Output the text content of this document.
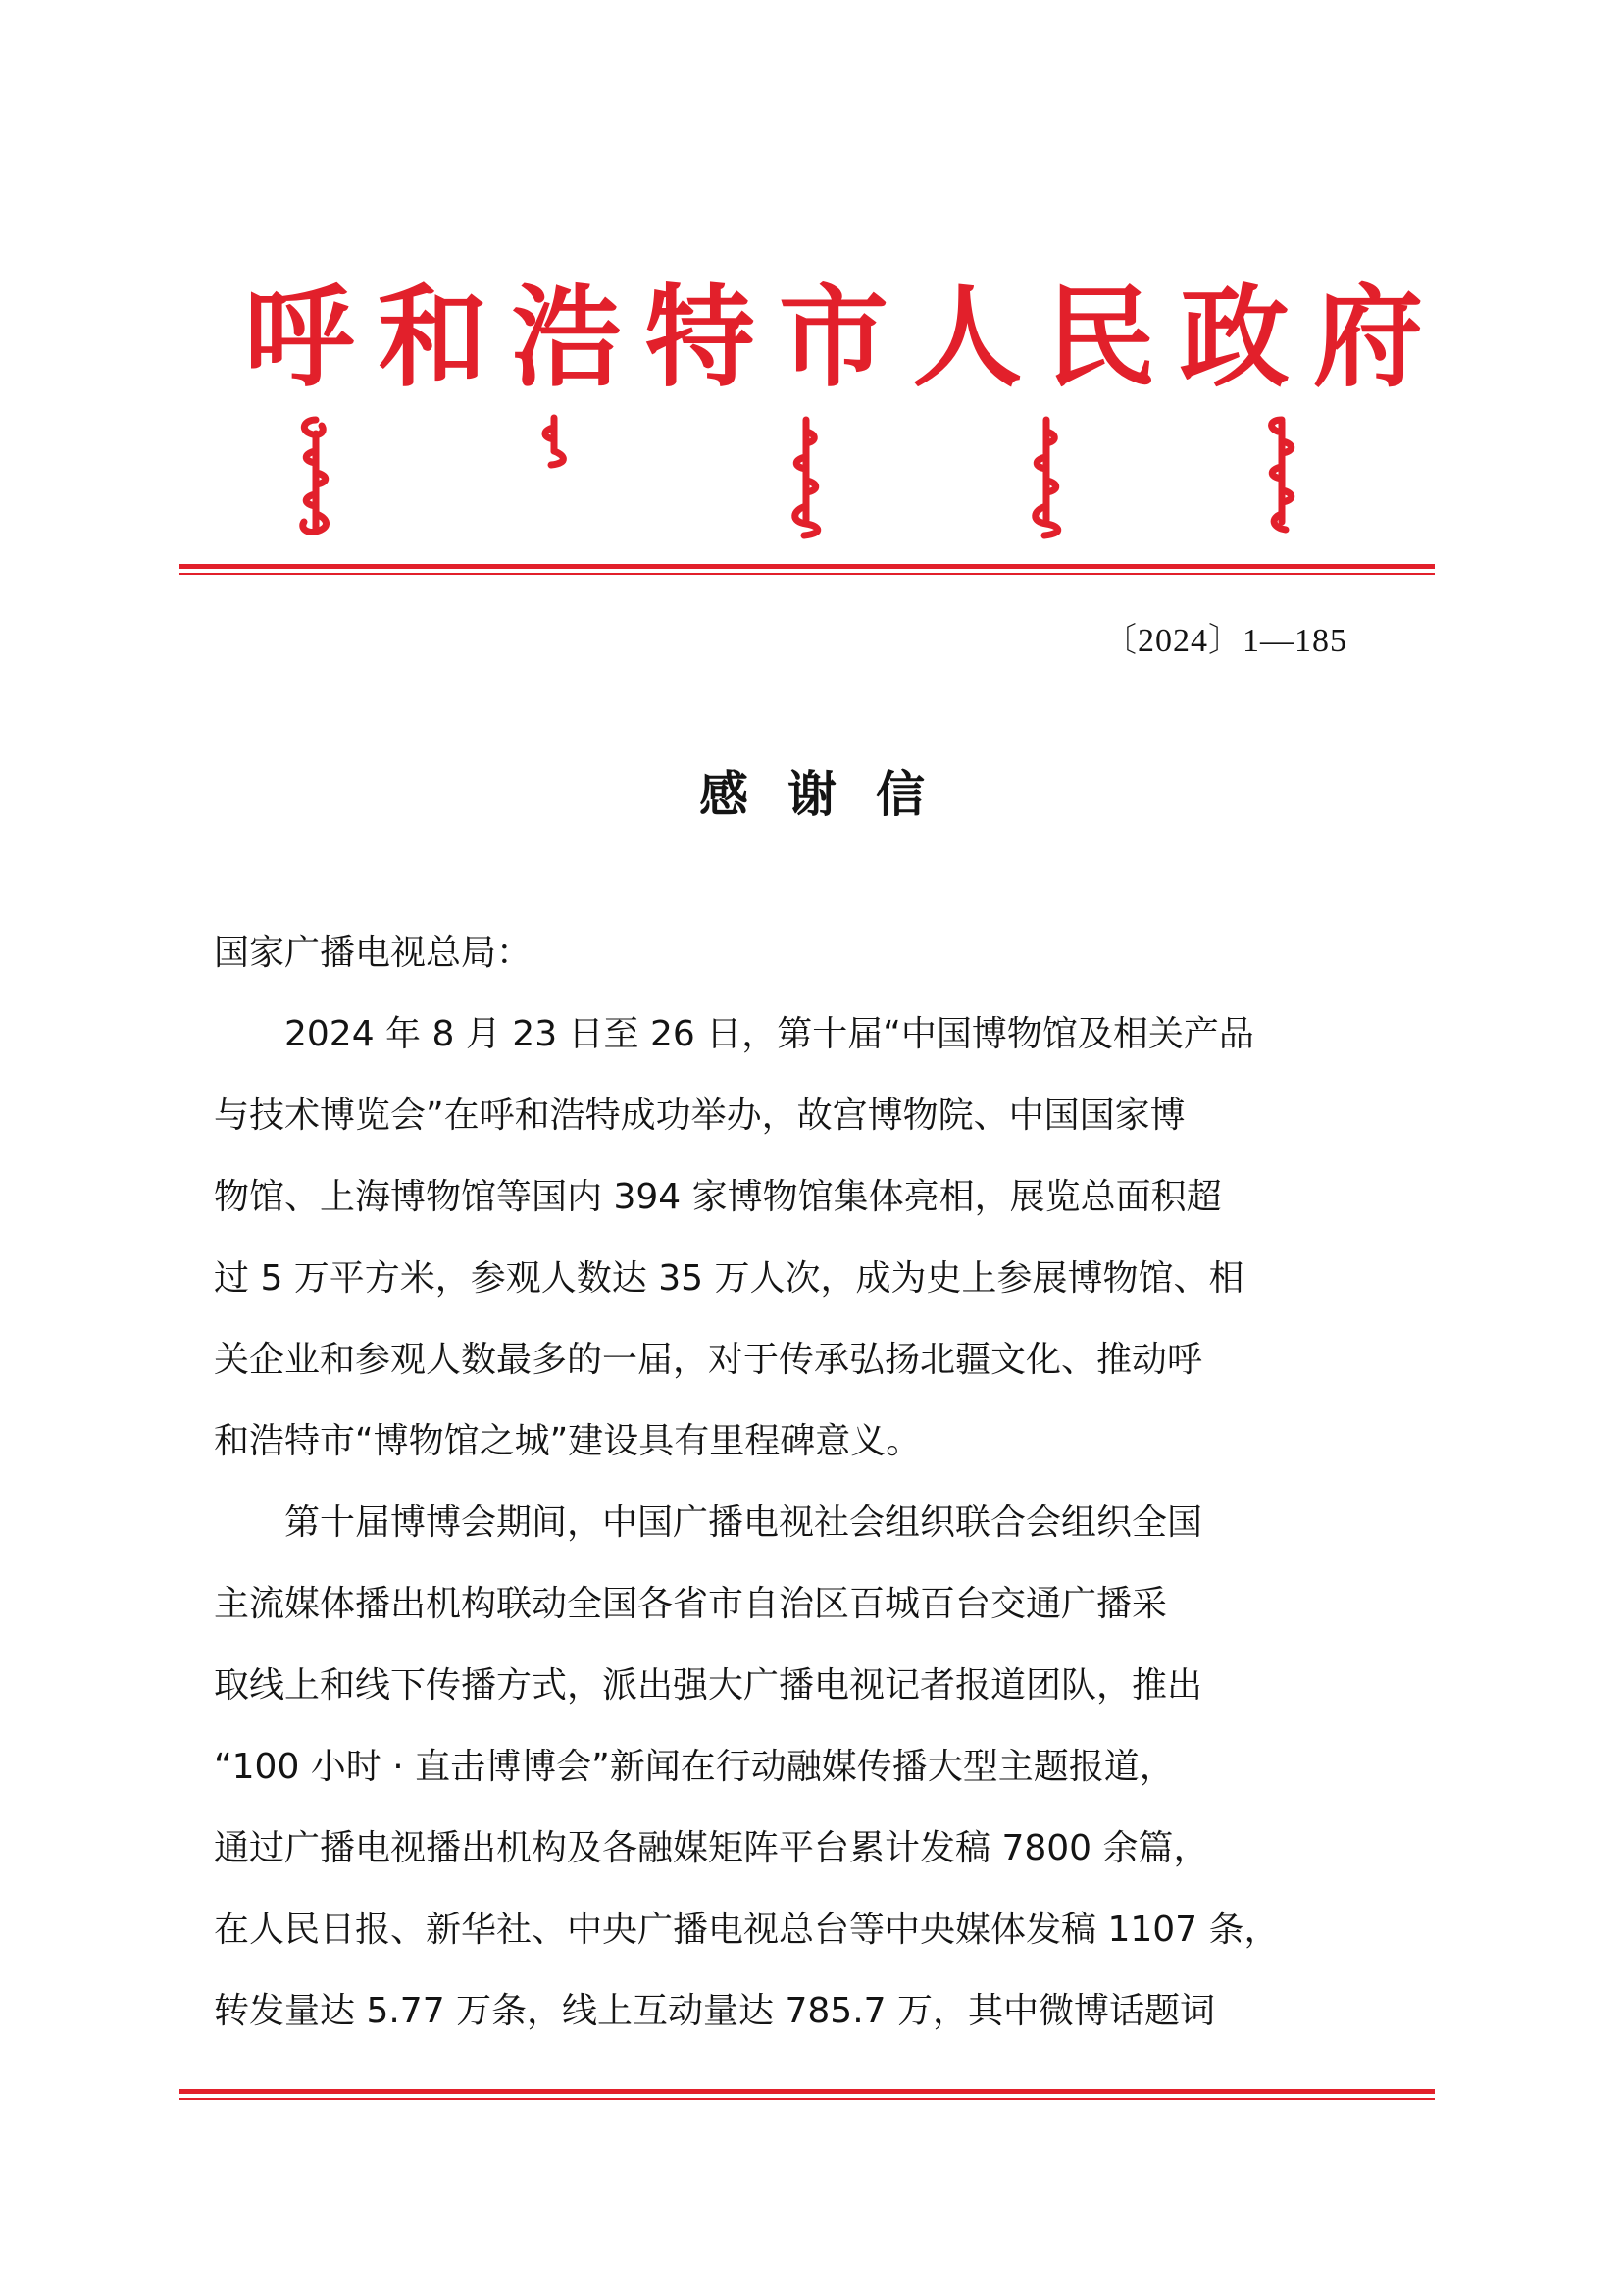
呼 和 浩 特 市 人 民 政 府
〔2024〕1—185
感谢信

国家广播电视总局：

2024 年 8 月 23 日至 26 日，第十届“中国博物馆及相关产品
与技术博览会”在呼和浩特成功举办，故宫博物院、中国国家博
物馆、上海博物馆等国内 394 家博物馆集体亮相，展览总面积超
过 5 万平方米，参观人数达 35 万人次，成为史上参展博物馆、相
关企业和参观人数最多的一届，对于传承弘扬北疆文化、推动呼
和浩特市“博物馆之城”建设具有里程碑意义。

第十届博博会期间，中国广播电视社会组织联合会组织全国
主流媒体播出机构联动全国各省市自治区百城百台交通广播采
取线上和线下传播方式，派出强大广播电视记者报道团队，推出
“100 小时 · 直击博博会”新闻在行动融媒传播大型主题报道，
通过广播电视播出机构及各融媒矩阵平台累计发稿 7800 余篇，
在人民日报、新华社、中央广播电视总台等中央媒体发稿 1107 条，
转发量达 5.77 万条，线上互动量达 785.7 万，其中微博话题词
